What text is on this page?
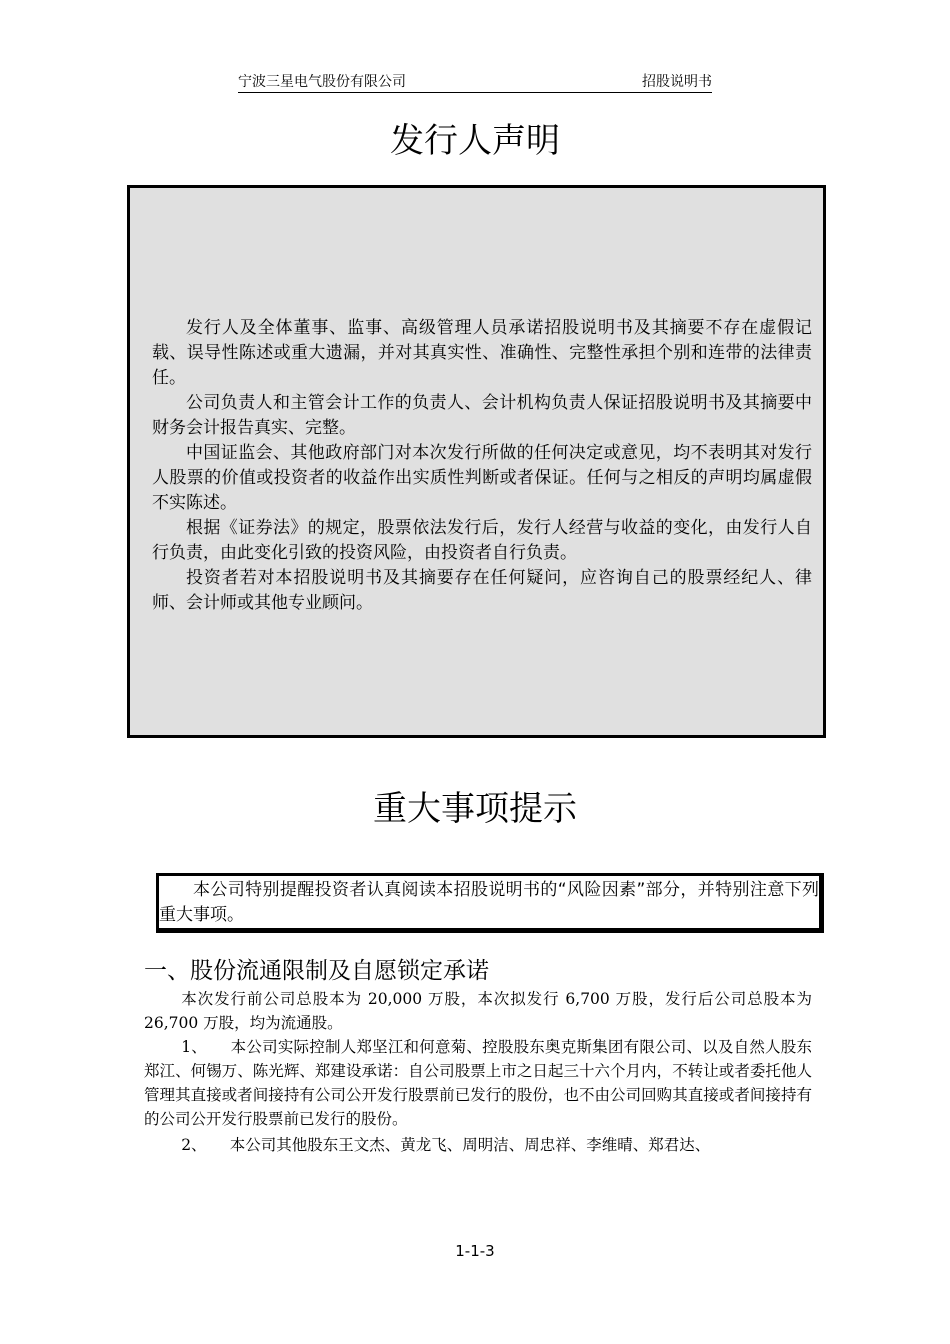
宁波三星电气股份有限公司	招股说明书
发行人声明

发行人及全体董事、监事、高级管理人员承诺招股说明书及其摘要不存在虚假记载、误导性陈述或重大遗漏，并对其真实性、准确性、完整性承担个别和连带的法律责任。

公司负责人和主管会计工作的负责人、会计机构负责人保证招股说明书及其摘要中财务会计报告真实、完整。

中国证监会、其他政府部门对本次发行所做的任何决定或意见，均不表明其对发行人股票的价值或投资者的收益作出实质性判断或者保证。任何与之相反的声明均属虚假不实陈述。

根据《证券法》的规定，股票依法发行后，发行人经营与收益的变化，由发行人自行负责，由此变化引致的投资风险，由投资者自行负责。

投资者若对本招股说明书及其摘要存在任何疑问，应咨询自己的股票经纪人、律师、会计师或其他专业顾问。

重大事项提示

本公司特别提醒投资者认真阅读本招股说明书的“风险因素”部分，并特别注意下列重大事项。

一、股份流通限制及自愿锁定承诺

本次发行前公司总股本为 20,000 万股，本次拟发行 6,700 万股，发行后公司总股本为 26,700 万股，均为流通股。

1、　　本公司实际控制人郑坚江和何意菊、控股股东奥克斯集团有限公司、以及自然人股东郑江、何锡万、陈光辉、郑建设承诺：自公司股票上市之日起三十六个月内，不转让或者委托他人管理其直接或者间接持有公司公开发行股票前已发行的股份，也不由公司回购其直接或者间接持有的公司公开发行股票前已发行的股份。

2、　　本公司其他股东王文杰、黄龙飞、周明洁、周忠祥、李维晴、郑君达、

1-1-3
